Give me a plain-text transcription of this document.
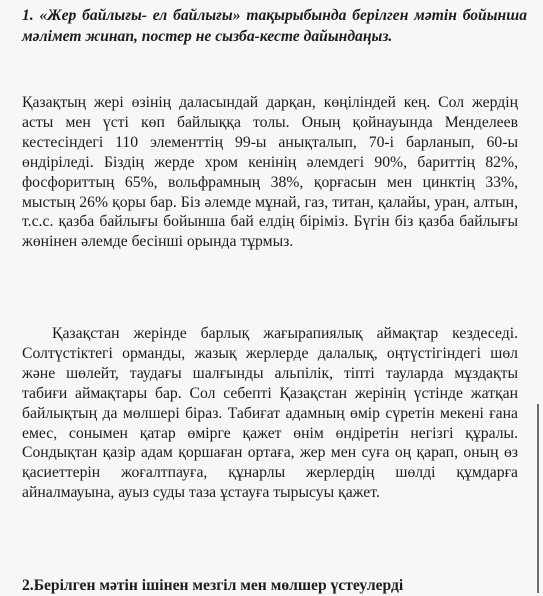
1. «Жер байлығы- ел байлығы» тақырыбында берілген мәтін бойынша мәлімет жинап, постер не сызба-кесте дайындаңыз.

Қазақтың жері өзінің даласындай дарқан, көңіліндей кең. Сол жердің асты мен үсті көп байлыққа толы. Оның қойнауында Менделеев кестесіндегі 110 элементтің 99-ы анықталып, 70-і барланып, 60-ы өндіріледі. Біздің жерде хром кенінің әлемдегі 90%, бариттің 82%, фосфориттың 65%, вольфрамның 38%, қорғасын мен цинктің 33%, мыстың 26% қоры бар. Біз әлемде мұнай, газ, титан, қалайы, уран, алтын, т.с.с. қазба байлығы бойынша бай елдің біріміз. Бүгін біз қазба байлығы жөнінен әлемде бесінші орында тұрмыз.

Қазақстан жерінде барлық жағырапиялық аймақтар кездеседі. Солтүстіктегі орманды, жазық жерлерде далалық, оңтүстігіндегі шөл және шөлейт, таудағы шалғынды альпілік, тіпті тауларда мұздақты табиғи аймақтары бар. Сол себепті Қазақстан жерінің үстінде жатқан байлықтың да мөлшері біраз. Табиғат адамның өмір сүретін мекені ғана емес, сонымен қатар өмірге қажет өнім өндіретін негізгі құралы. Сондықтан қазір адам қоршаған ортаға, жер мен суға оң қарап, оның өз қасиеттерін жоғалтпауға, құнарлы жерлердің шөлді құмдарға айналмауына, ауыз суды таза ұстауға тырысуы қажет.

2.Берілген мәтін ішінен мезгіл мен мөлшер үстеулерді
